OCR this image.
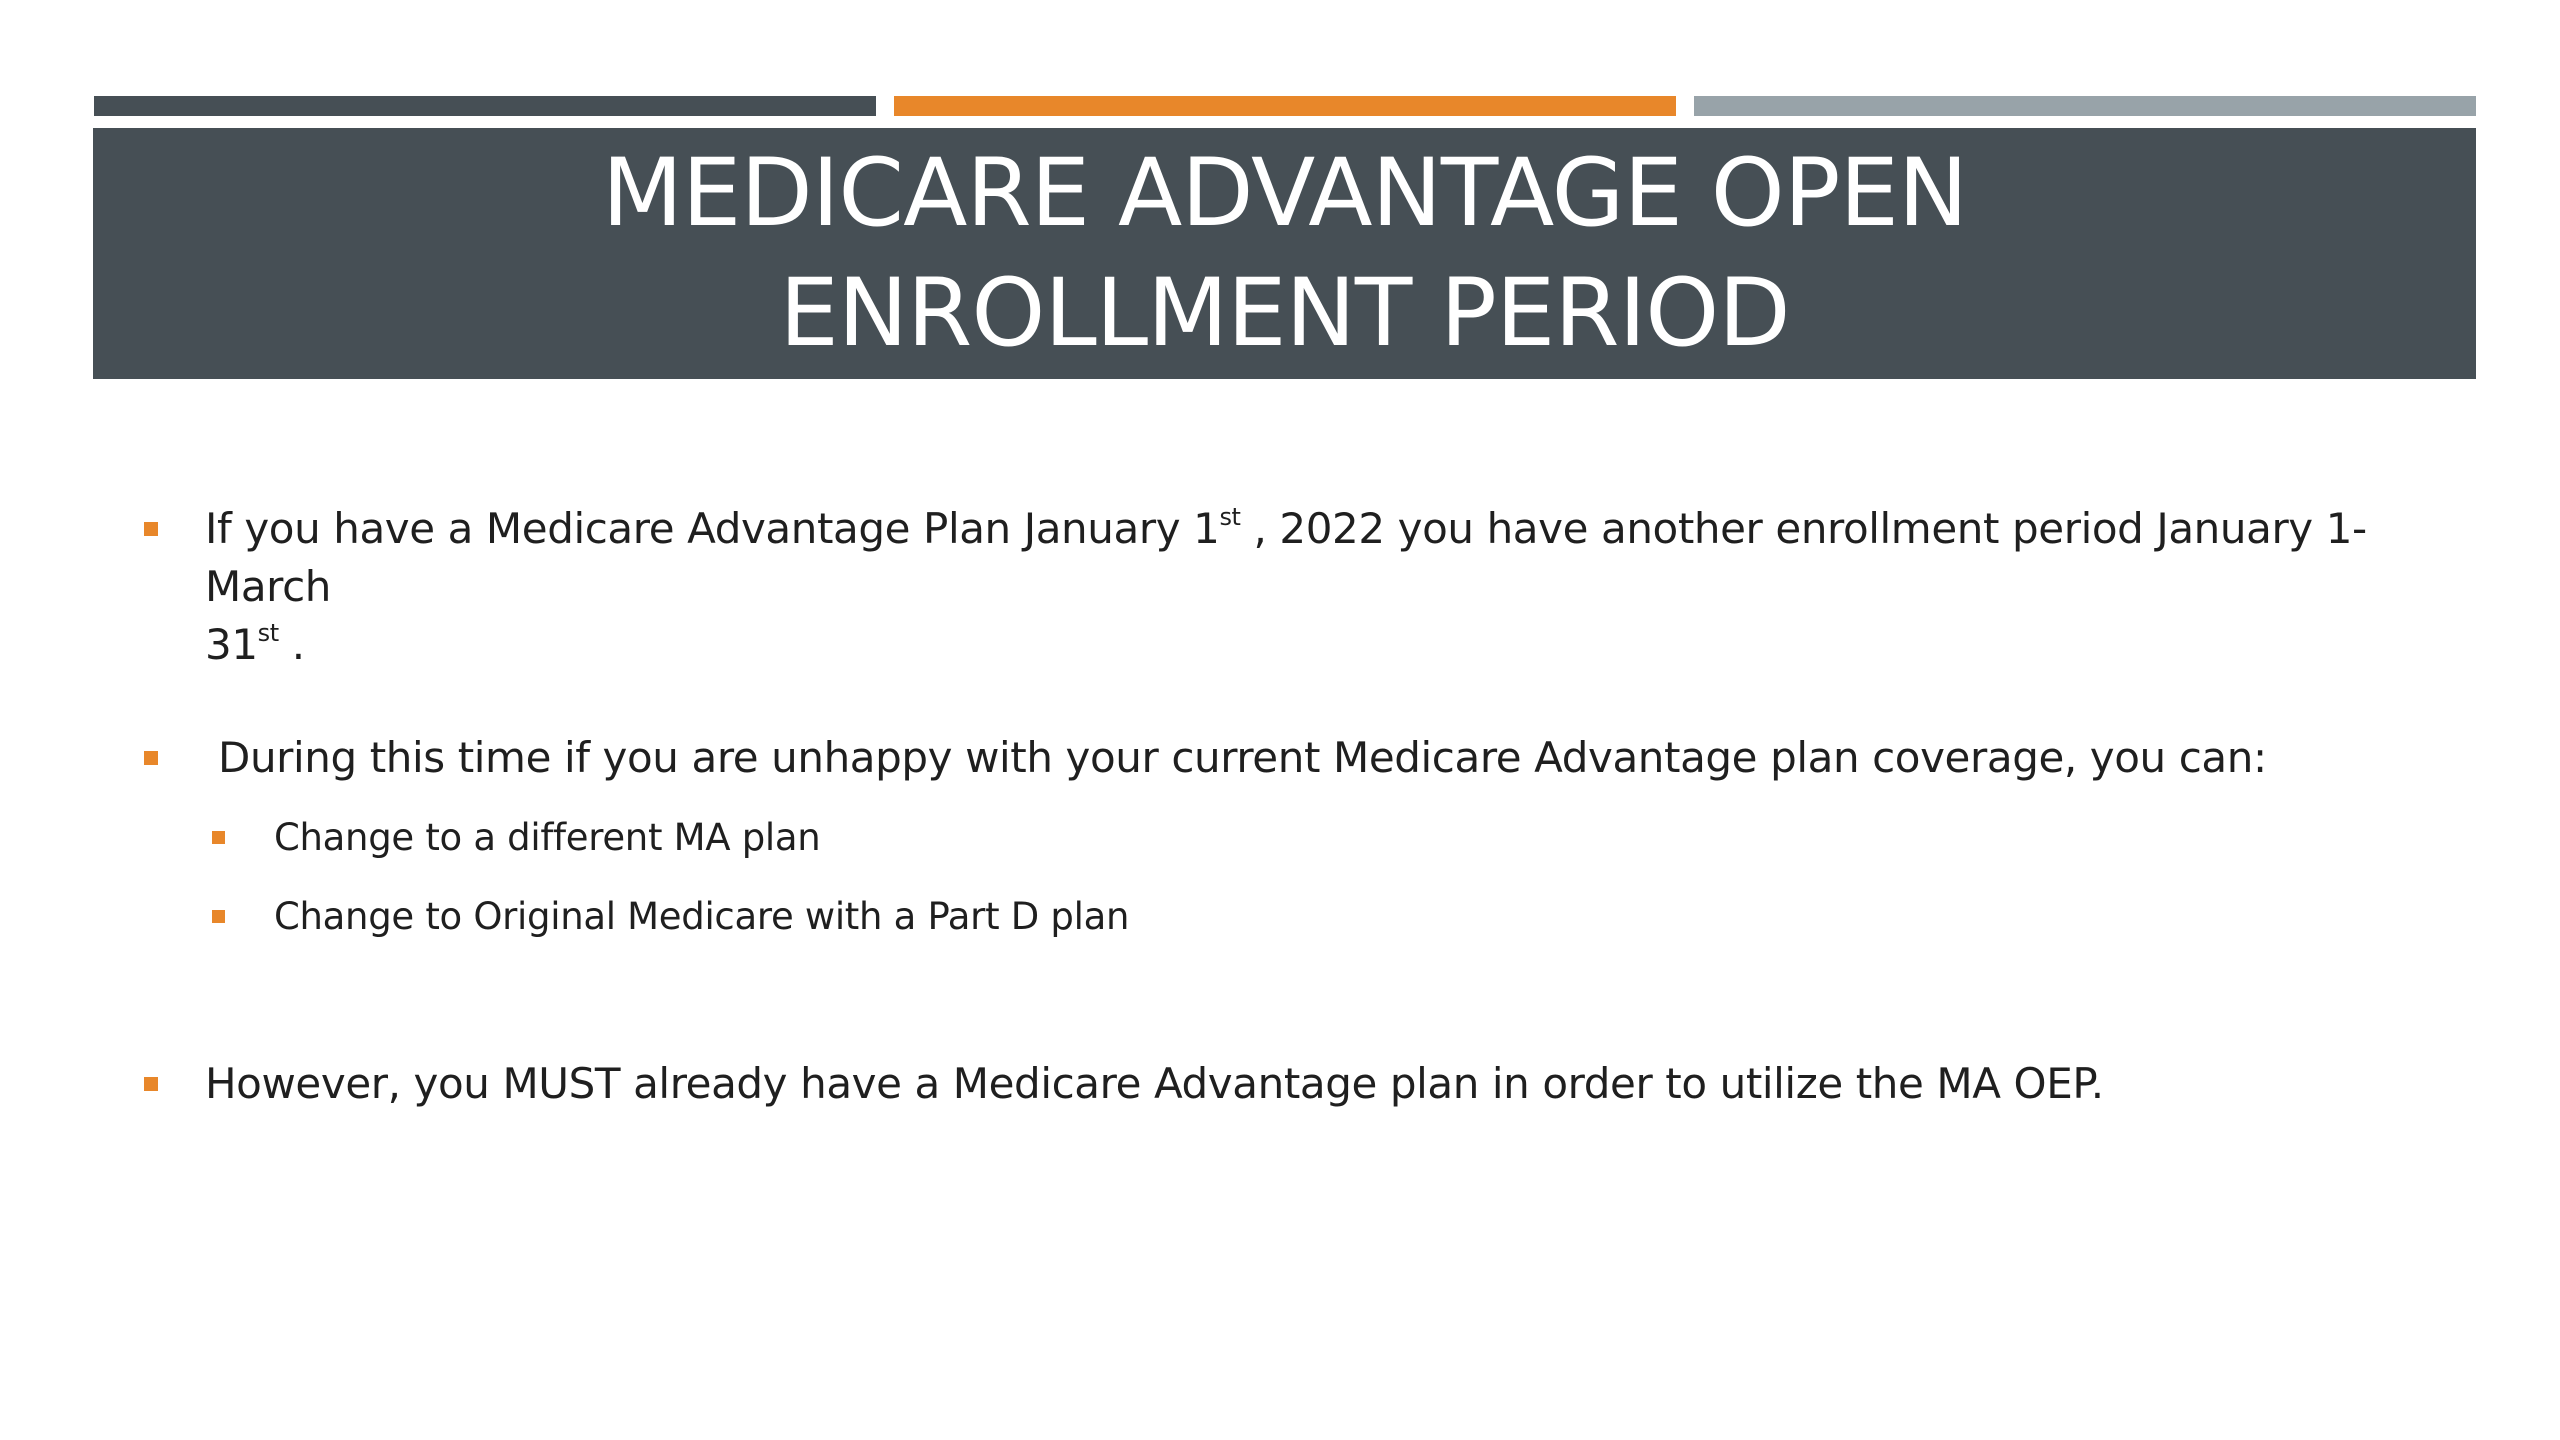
MEDICARE ADVANTAGE OPEN
ENROLLMENT PERIOD
If you have a Medicare Advantage Plan January 1st , 2022 you have another enrollment period January 1- March
31st .
During this time if you are unhappy with your current Medicare Advantage plan coverage, you can:
Change to a different MA plan
Change to Original Medicare with a Part D plan
However, you MUST already have a Medicare Advantage plan in order to utilize the MA OEP.
